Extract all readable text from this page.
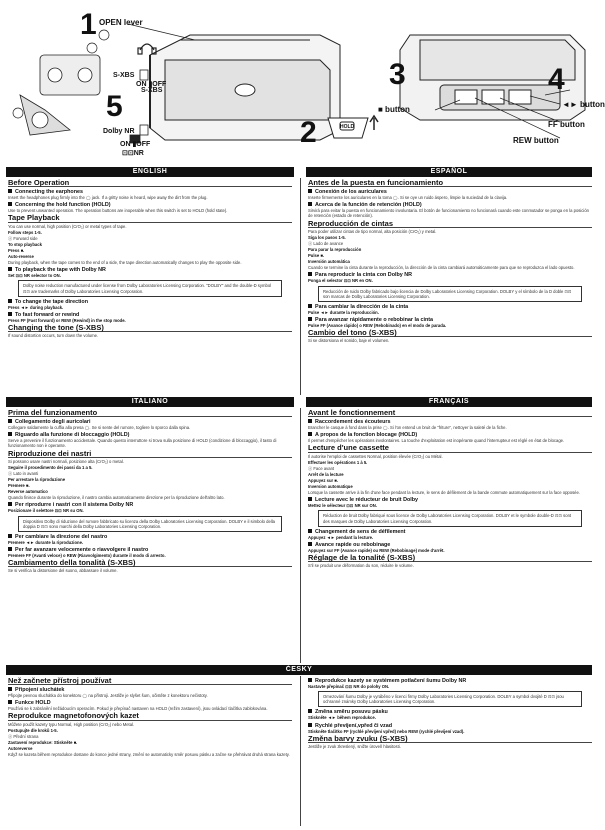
1
2
3	4
5
OPEN lever
S-XBS
ON ▮OFF
S-XBS
Dolby NR
ON ▮OFF
⊡⊡NR
■ button
◄► button
FF button
REW button
HOLD
ENGLISH	ESPAÑOL
ITALIANO	FRANÇAIS
ČESKY
Before Operation
Connecting the earphones

Insert the headphones plug firmly into the ◯ jack. If a gritty noise is heard, wipe away the dirt from the plug.

Concerning the hold function (HOLD)

Use to prevent unwanted operation. The operation buttons are inoperable when this switch is set to HOLD (hold state).

Tape Playback

You can use normal, high position (CrO₂) or metal types of tape.

Follow steps 1-5.

ⓐ Forward side

To stop playback

Press ■.

Auto-reverse

During playback, when the tape comes to the end of a side, the tape direction automatically changes to play the opposite side.

To playback the tape with Dolby NR

Set ⊡⊡ NR selector to ON.

Dolby noise reduction manufactured under license from Dolby Laboratories Licensing Corporation. "DOLBY" and the double-D symbol ⊡⊡ are trademarks of Dolby Laboratories Licensing Corporation.
To change the tape direction

Press ◄► during playback.

To fast forward or rewind

Press FF (Fast forward) or REW (Rewind) in the stop mode.

Changing the tone (S-XBS)

If sound distortion occurs, turn down the volume.

Antes de la puesta en funcionamiento
Conexión de los auriculares

Inserte firmemente los auriculares en la toma ◯. Si se oye un ruido áspero, limpie la suciedad de la clavija.

Acerca de la función de retención (HOLD)

Sirvirá para evitar la puesta en funcionamiento involuntaria. El botón de funcionamiento no funcionará cuando este conmutador se ponga en la posición de retención (estado de retención).

Reproducción de cintas

Para poder utilizar cintas de tipo normal, alta posición (CrO₂) y metal.

Siga los pasos 1-5.

ⓐ Lado de avance

Para parar la reproducción

Pulse ■.

Inversión automática

Cuando se termine la cinta durante la reproducción, la dirección de la cinta cambiará automáticamente para que se reproduzca el lado opuesto.

Para reproducir la cinta con Dolby NR

Ponga el selector ⊡⊡ NR en ON.

Reducción de ruido Dolby fabricado bajo licencia de Dolby Laboratories Licensing Corporation. DOLBY y el símbolo de la D doble ⊡⊡ son marcas de Dolby Laboratories Licensing Corporation.
Para cambiar la dirección de la cinta

Pulse ◄► durante la reproducción.

Para avanzar rápidamente o rebobinar la cinta

Pulse FF (Avance rápido) o REW (Rebobinado) en el modo de parada.

Cambio del tono (S-XBS)

Si se distorsiona el sonido, baje el volumen.

Prima del funzionamento
Collegamento degli auricolari

Collegare saldamente la cuffia alla presa ◯. Se si sente del rumore, togliere lo sporco dalla spina.

Riguardo alla funzione di bloccaggio (HOLD)

Serve a prevenire il funzionamento accidentale. Quando questo interruttore si trova sulla posizione di HOLD (condizione di bloccaggio), il tasto di funzionamento non è operante.

Riproduzione dei nastri

Si possono usare nastri normali, posizione alta (CrO₂) o metal.

Seguire il procedimento dei passi da 1 a 5.

ⓐ Lato in avanti

Per arrestare la riproduzione

Premere ■.

Reverse automatico

Quando finisce durante la riproduzione, il nastro cambia automaticamente direzione per la riproduzione dell'altro lato.

Per riprodurre i nastri con il sistema Dolby NR

Posizionare il selettore ⊡⊡ NR su ON.

Dispositivo Dolby di riduzione del rumore fabbricato su licenza della Dolby Laboratories Licensing Corporation. DOLBY e il simbolo della doppia D ⊡⊡ sono marchi della Dolby Laboratories Licensing Corporation.
Per cambiare la direzione del nastro

Premere ◄► durante la riproduzione.

Per far avanzare velocemente o riavvolgere il nastro

Premere FF (Avanti veloce) o REW (Riavvolgimento) durante il modo di arresto.

Cambiamento della tonalità (S-XBS)

Se si verifica la distorsione del suono, abbassare il volume.

Avant le fonctionnement
Raccordement des écouteurs

Brancher le casque à fond dans la prise ◯. Si l'on entend un bruit de "friture", nettoyer la saleté de la fiche.

A propos de la fonction blocage (HOLD)

Il permet d'empêcher les opérations involontaires. La touche d'exploitation est inopérante quand l'interrupteur est réglé en état de blocage.

Lecture d'une cassette

Il autorise l'emploi de cassettes Normal, position élevée (CrO₂) ou Métal.

Effectuer les opérations 1 à 5.

ⓐ Face avant

Arrêt de la lecture

Appuyez sur ■.

Inversion automatique

Lorsque la cassette arrive à la fin d'une face pendant la lecture, le sens de défilement de la bande commute automatiquement sur la face opposée.

Lecture avec le réducteur de bruit Dolby

Mettez le sélecteur ⊡⊡ NR sur ON.

Réduction de bruit Dolby fabriqué sous licence de Dolby Laboratories Licensing Corporation. DOLBY et le symbole double-D ⊡⊡ sont des marques de Dolby Laboratories Licensing Corporation.
Changement de sens de défilement

Appuyez ◄► pendant la lecture.

Avance rapide ou rebobinage

Appuyez sur FF (Avance rapide) ou REW (Rebobinage) mode d'arrêt.

Réglage de la tonalité (S-XBS)

S'il se produit une déformation du son, réduire le volume.

Než začnete přístroj používat
Připojení sluchátek

Připojte pevnou sluchátka do konektoru ◯ na přístroji. Jestliže je slyšet šum, očistěte z konektoru nečistoty.

Funkce HOLD

Používá se k zabránění nežádoucím operacím. Pokud je přepínač nastaven na HOLD (režim zastavení), jsou ovládací tlačítka zablokována.

Reprodukce magnetofonových kazet

Můžete použít kazety typu Normal, High position (CrO₂) nebo Metal.

Postupujte dle kroků 1-5.

ⓐ Přední strana

Zastavení reprodukce: Stiskněte ■.

Autoreverse

Když se kazeta během reprodukce dostane do konce jedné strany, změní se automaticky směr posuvu pásku a začne se přehrávat druhá strana kazety.

Reprodukce kazety se systémem potlačení šumu Dolby NR

Nastavte přepínač ⊡⊡ NR do polohy ON.

Omezování šumu Dolby je vyráběno v licenci firmy Dolby Laboratories Licensing Corporation. DOLBY a symbol dvojité D ⊡⊡ jsou ochranné známky Dolby Laboratories Licensing Corporation.
Změna směru posuvu pásku

Stiskněte ◄► během reprodukce.

Rychlé převíjení,vpřed či vzad

Stiskněte tlačítko FF (rychlé převíjení vpřed) nebo REW (rychlé převíjení vzad).

Změna barvy zvuku (S-XBS)

Jestliže je zvuk zkreslený, snižte úroveň hlasitosti.
